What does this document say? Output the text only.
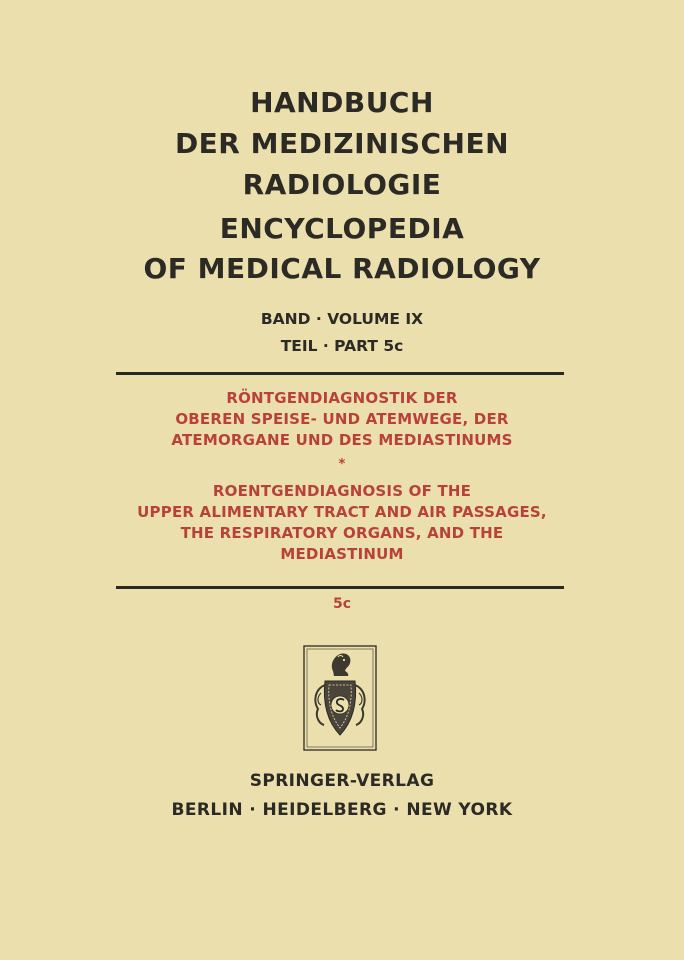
HANDBUCH
DER MEDIZINISCHEN
RADIOLOGIE
ENCYCLOPEDIA
OF MEDICAL RADIOLOGY
BAND · VOLUME IX
TEIL · PART 5c
RÖNTGENDIAGNOSTIK DER
OBEREN SPEISE- UND ATEMWEGE, DER
ATEMORGANE UND DES MEDIASTINUMS
*
ROENTGENDIAGNOSIS OF THE
UPPER ALIMENTARY TRACT AND AIR PASSAGES,
THE RESPIRATORY ORGANS, AND THE
MEDIASTINUM
5c
SPRINGER-VERLAG
BERLIN · HEIDELBERG · NEW YORK
